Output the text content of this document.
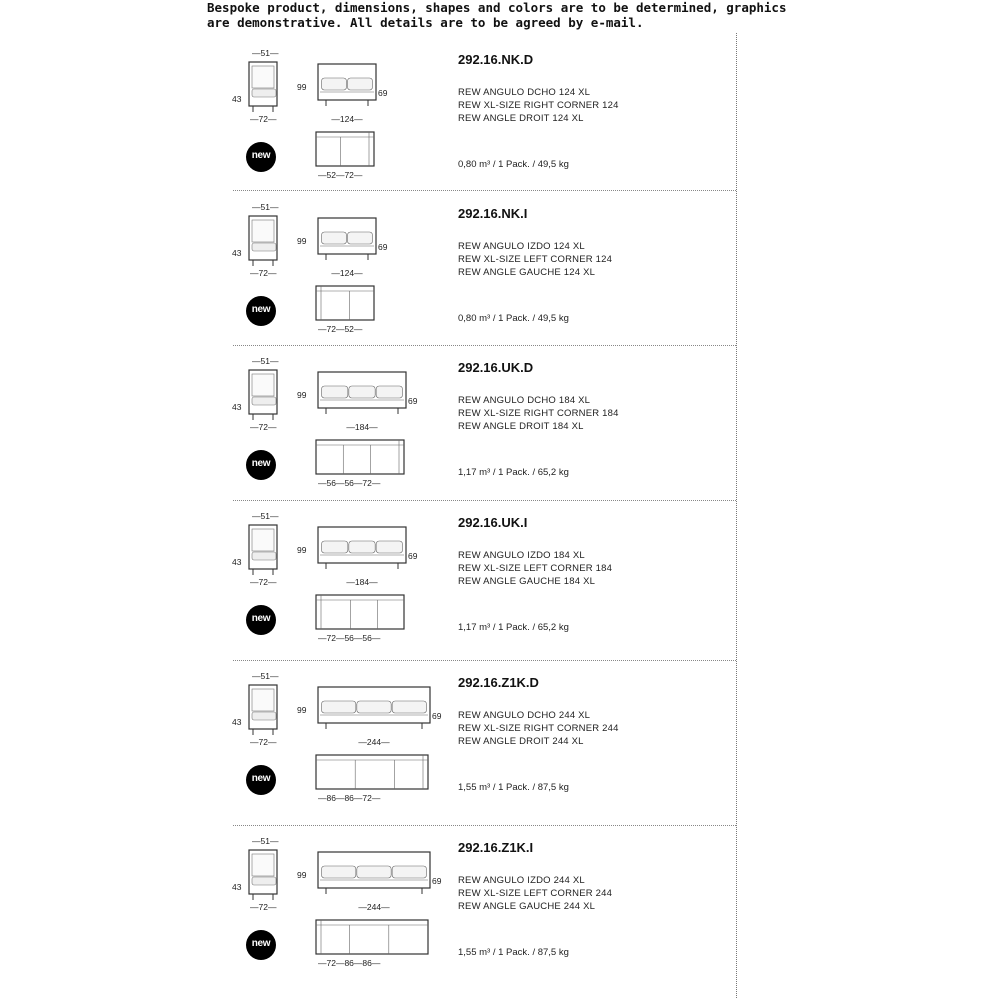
Bespoke product, dimensions, shapes and colors are to be determined, graphics are demonstrative. All details are to be agreed by e-mail.
292.16.NK.D
REW ANGULO DCHO 124 XL
REW XL-SIZE RIGHT CORNER 124
REW ANGLE DROIT 124 XL
0,80 m³ / 1 Pack. / 49,5 kg
new
—51—
43
99
—72—
69
—124—
—52—72—
292.16.NK.I
REW ANGULO IZDO 124 XL
REW XL-SIZE LEFT CORNER 124
REW ANGLE GAUCHE 124 XL
0,80 m³ / 1 Pack. / 49,5 kg
new
—51—
43
99
—72—
69
—124—
—72—52—
292.16.UK.D
REW ANGULO DCHO 184 XL
REW XL-SIZE RIGHT CORNER 184
REW ANGLE DROIT 184 XL
1,17 m³ / 1 Pack. / 65,2 kg
new
—51—
43
99
—72—
69
—184—
—56—56—72—
292.16.UK.I
REW ANGULO IZDO 184 XL
REW XL-SIZE LEFT CORNER 184
REW ANGLE GAUCHE 184 XL
1,17 m³ / 1 Pack. / 65,2 kg
new
—51—
43
99
—72—
69
—184—
—72—56—56—
292.16.Z1K.D
REW ANGULO DCHO 244 XL
REW XL-SIZE RIGHT CORNER 244
REW ANGLE DROIT 244 XL
1,55 m³ / 1 Pack. / 87,5 kg
new
—51—
43
99
—72—
69
—244—
—86—86—72—
292.16.Z1K.I
REW ANGULO IZDO 244 XL
REW XL-SIZE LEFT CORNER 244
REW ANGLE GAUCHE 244 XL
1,55 m³ / 1 Pack. / 87,5 kg
new
—51—
43
99
—72—
69
—244—
—72—86—86—
